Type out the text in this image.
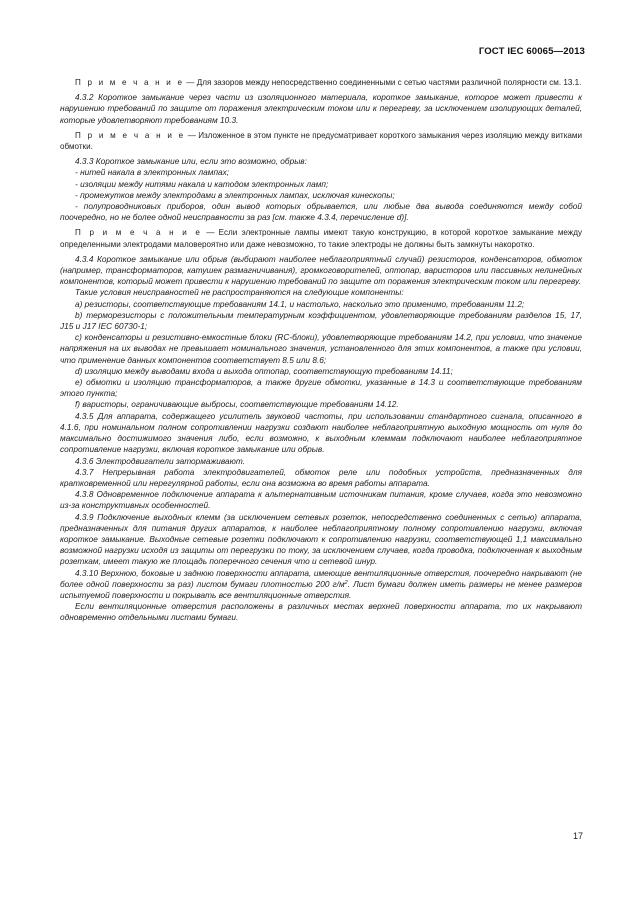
ГОСТ IEC 60065—2013

П р и м е ч а н и е — Для зазоров между непосредственно соединенными с сетью частями различной полярности см. 13.1.

4.3.2 Короткое замыкание через части из изоляционного материала, короткое замыкание, которое может привести к нарушению требований по защите от поражения электрическим током или к перегреву, за исключением изолирующих деталей, которые удовлетворяют требованиям 10.3.

П р и м е ч а н и е — Изложенное в этом пункте не предусматривает короткого замыкания через изоляцию между витками обмотки.

4.3.3 Короткое замыкание или, если это возможно, обрыв:

- нитей накала в электронных лампах;

- изоляции между нитями накала и катодом электронных ламп;

- промежутков между электродами в электронных лампах, исключая кинескопы;

- полупроводниковых приборов, один вывод которых обрывается, или любые два вывода соединяются между собой поочередно, но не более одной неисправности за раз [см. также 4.3.4, перечисление d)].

П р и м е ч а н и е — Если электронные лампы имеют такую конструкцию, в которой короткое замыкание между определенными электродами маловероятно или даже невозможно, то такие электроды не должны быть замкнуты накоротко.

4.3.4 Короткое замыкание или обрыв (выбирают наиболее неблагоприятный случай) резисторов, конденсаторов, обмоток (например, трансформаторов, катушек размагничивания), громкоговорителей, оптопар, варисторов или пассивных нелинейных компонентов, который может привести к нарушению требований по защите от поражения электрическим током или перегреву.

Такие условия неисправностей не распространяются на следующие компоненты:

a) резисторы, соответствующие требованиям 14.1, и настолько, насколько это применимо, требованиям 11.2;

b) терморезисторы с положительным температурным коэффициентом, удовлетворяющие требованиям разделов 15, 17, J15 и J17 IEC 60730-1;

c) конденсаторы и резистивно-емкостные блоки (RC-блоки), удовлетворяющие требованиям 14.2, при условии, что значение напряжения на их выводах не превышает номинального значения, установленного для этих компонентов, а также при условии, что применение данных компонентов соответствует 8.5 или 8.6;

d) изоляцию между выводами входа и выхода оптопар, соответствующую требованиям 14.11;

e) обмотки и изоляцию трансформаторов, а также другие обмотки, указанные в 14.3 и соответствующие требованиям этого пункта;

f) варисторы, ограничивающие выбросы, соответствующие требованиям 14.12.

4.3.5 Для аппарата, содержащего усилитель звуковой частоты, при использовании стандартного сигнала, описанного в 4.1.6, при номинальном полном сопротивлении нагрузки создают наиболее неблагоприятную выходную мощность от нуля до максимально достижимого значения либо, если возможно, к выходным клеммам подключают наиболее неблагоприятное сопротивление нагрузки, включая короткое замыкание или обрыв.

4.3.6 Электродвигатели затормаживают.

4.3.7 Непрерывная работа электродвигателей, обмоток реле или подобных устройств, предназначенных для кратковременной или нерегулярной работы, если она возможна во время работы аппарата.

4.3.8 Одновременное подключение аппарата к альтернативным источникам питания, кроме случаев, когда это невозможно из-за конструктивных особенностей.

4.3.9 Подключение выходных клемм (за исключением сетевых розеток, непосредственно соединенных с сетью) аппарата, предназначенных для питания других аппаратов, к наиболее неблагоприятному полному сопротивлению нагрузки, включая короткое замыкание. Выходные сетевые розетки подключают к сопротивлению нагрузки, соответствующей 1,1 максимально возможной нагрузки исходя из защиты от перегрузки по току, за исключением случаев, когда проводка, подключенная к выходным розеткам, имеет такую же площадь поперечного сечения что и сетевой шнур.

4.3.10 Верхнюю, боковые и заднюю поверхности аппарата, имеющие вентиляционные отверстия, поочередно накрывают (не более одной поверхности за раз) листом бумаги плотностью 200 $г/м^2$. Лист бумаги должен иметь размеры не менее размеров испытуемой поверхности и покрывать все вентиляционные отверстия.

Если вентиляционные отверстия расположены в различных местах верхней поверхности аппарата, то их накрывают одновременно отдельными листами бумаги.

17
